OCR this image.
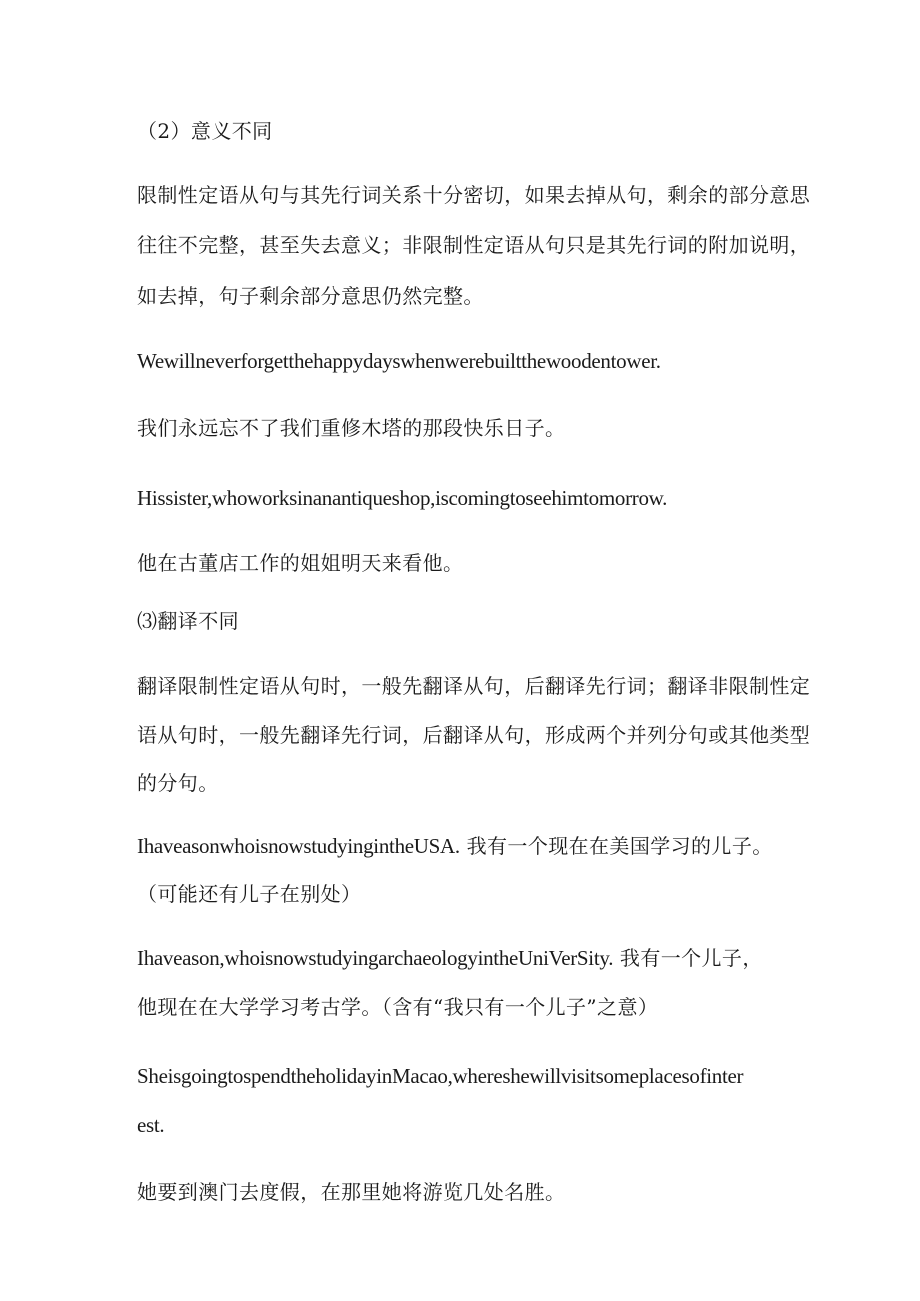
（2）意义不同
限制性定语从句与其先行词关系十分密切，如果去掉从句，剩余的部分意思
往往不完整，甚至失去意义；非限制性定语从句只是其先行词的附加说明，
如去掉，句子剩余部分意思仍然完整。
Wewillneverforgetthehappydayswhenwerebuiltthewoodentower.
我们永远忘不了我们重修木塔的那段快乐日子。
Hissister,whoworksinanantiqueshop,iscomingtoseehimtomorrow.
他在古董店工作的姐姐明天来看他。
⑶翻译不同
翻译限制性定语从句时，一般先翻译从句，后翻译先行词；翻译非限制性定
语从句时，一般先翻译先行词，后翻译从句，形成两个并列分句或其他类型
的分句。
IhaveasonwhoisnowstudyingintheUSA. 我有一个现在在美国学习的儿子。
（可能还有儿子在别处）
Ihaveason,whoisnowstudyingarchaeologyintheUniVerSity. 我有一个儿子，
他现在在大学学习考古学。（含有“我只有一个儿子”之意）
SheisgoingtospendtheholidayinMacao,whereshewillvisitsomeplacesofinter
est.
她要到澳门去度假，在那里她将游览几处名胜。
